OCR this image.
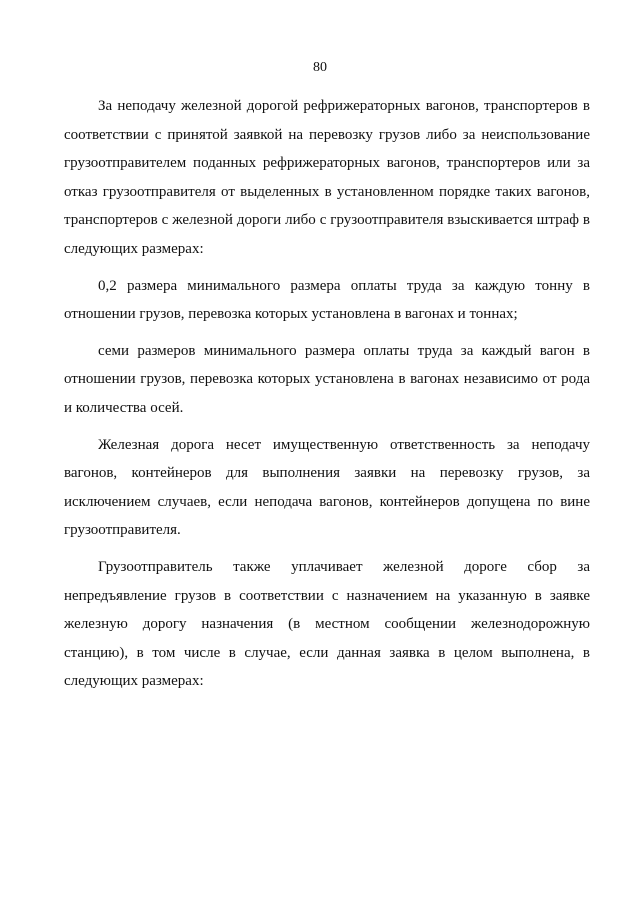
80

За неподачу железной дорогой рефрижераторных вагонов, транспортеров в соответствии с принятой заявкой на перевозку грузов либо за неиспользование грузоотправителем поданных рефрижераторных вагонов, транспортеров или за отказ грузоотправителя от выделенных в установленном порядке таких вагонов, транспортеров с железной дороги либо с грузоотправителя взыскивается штраф в следующих размерах:

0,2 размера минимального размера оплаты труда за каждую тонну в отношении грузов, перевозка которых установлена в вагонах и тоннах;

семи размеров минимального размера оплаты труда за каждый вагон в отношении грузов, перевозка которых установлена в вагонах независимо от рода и количества осей.

Железная дорога несет имущественную ответственность за неподачу вагонов, контейнеров для выполнения заявки на перевозку грузов, за исключением случаев, если неподача вагонов, контейнеров допущена по вине грузоотправителя.

Грузоотправитель также уплачивает железной дороге сбор за непредъявление грузов в соответствии с назначением на указанную в заявке железную дорогу назначения (в местном сообщении железнодорожную станцию), в том числе в случае, если данная заявка в целом выполнена, в следующих размерах:
